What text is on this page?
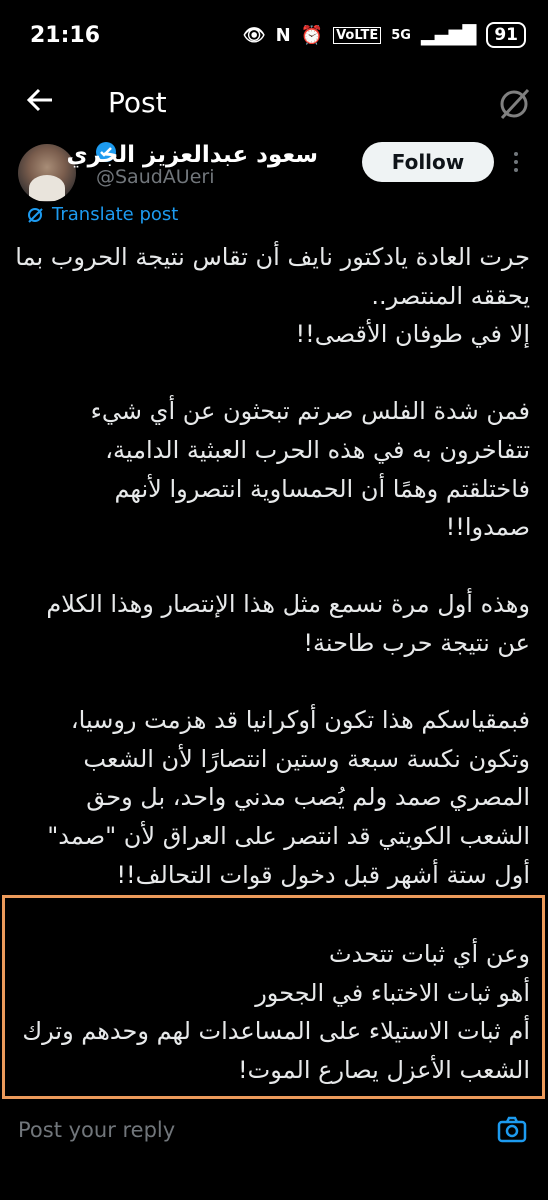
21:16	👁 N ⏰ VoLTE 5G ▂▄▆█	91
Post
سعود عبدالعزيز الجري
@SaudAUeri
Follow
Translate post
جرت العادة يادكتور نايف أن تقاس نتيجة الحروب بما
يحققه المنتصر..
إلا في طوفان الأقصى!!
فمن شدة الفلس صرتم تبحثون عن أي شيء
تتفاخرون به في هذه الحرب العبثية الدامية،
فاختلقتم وهمًا أن الحمساوية انتصروا لأنهم
صمدوا!!
وهذه أول مرة نسمع مثل هذا الإنتصار وهذا الكلام
عن نتيجة حرب طاحنة!
فبمقياسكم هذا تكون أوكرانيا قد هزمت روسيا،
وتكون نكسة سبعة وستين انتصارًا لأن الشعب
المصري صمد ولم يُصب مدني واحد، بل وحق
الشعب الكويتي قد انتصر على العراق لأن "صمد"
أول ستة أشهر قبل دخول قوات التحالف!!
وعن أي ثبات تتحدث
أهو ثبات الاختباء في الجحور
أم ثبات الاستيلاء على المساعدات لهم وحدهم وترك
الشعب الأعزل يصارع الموت!
Post your reply
